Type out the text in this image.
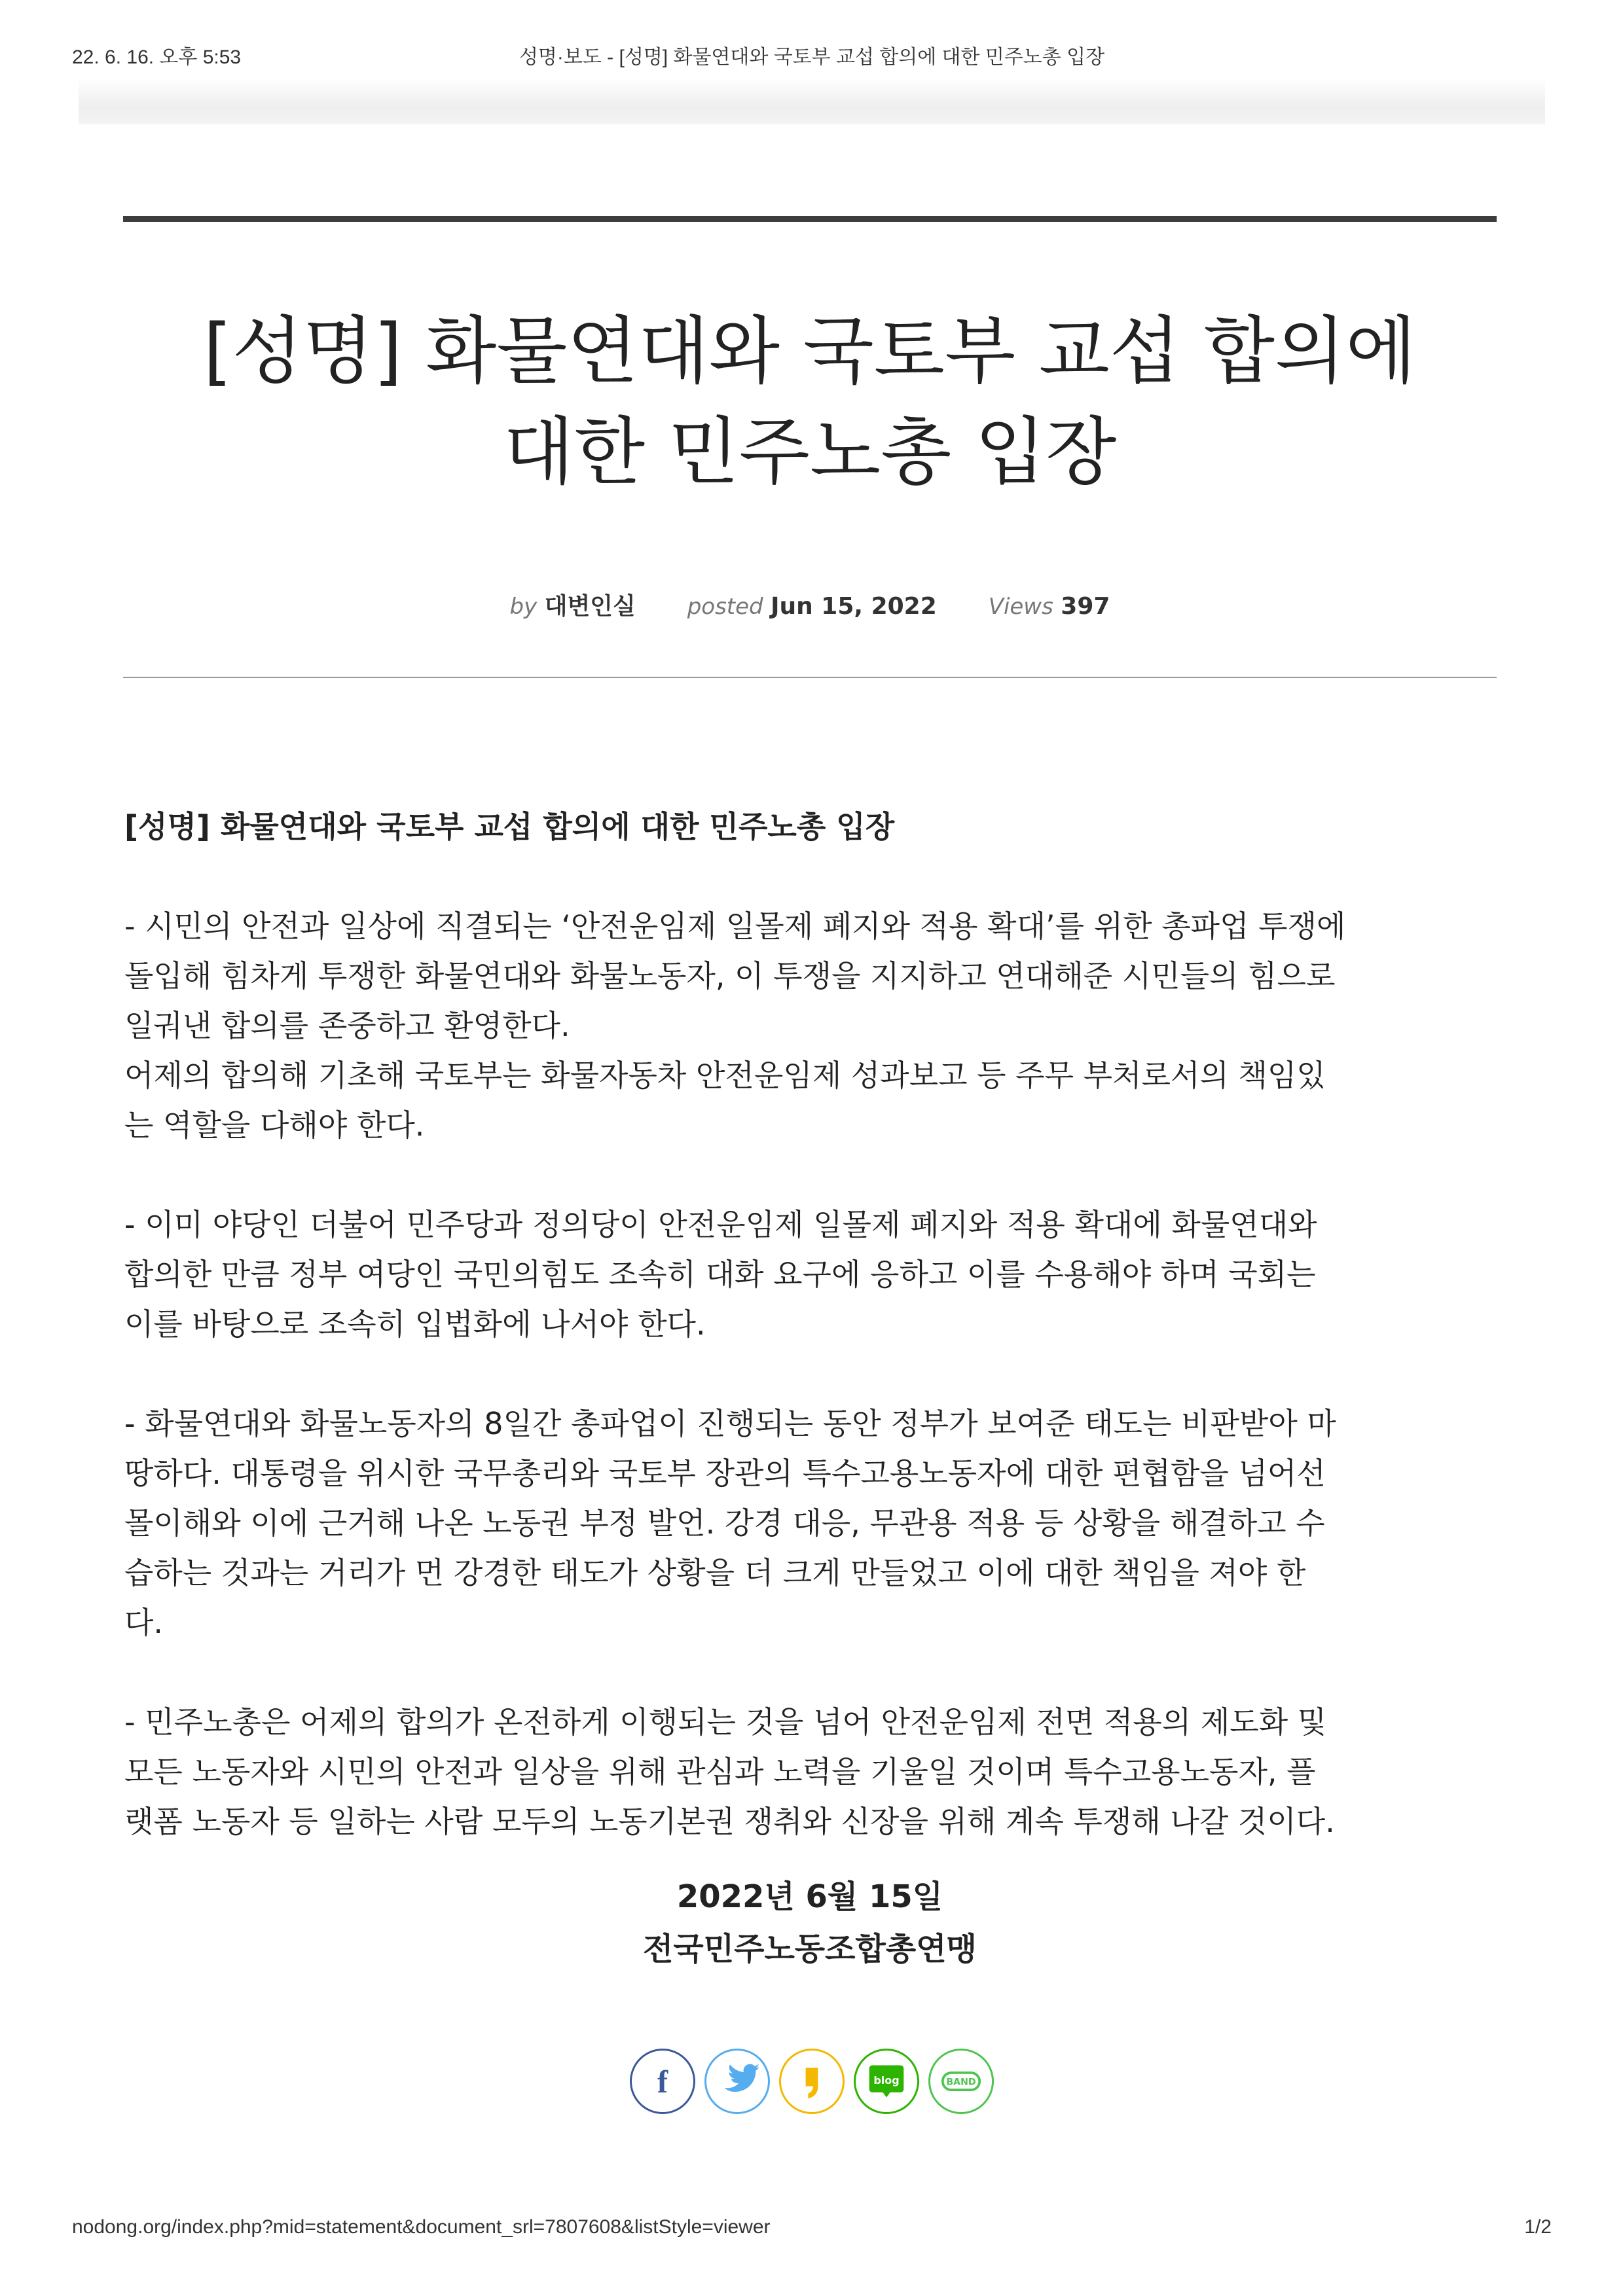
22. 6. 16. 오후 5:53	성명·보도 - [성명] 화물연대와 국토부 교섭 합의에 대한 민주노총 입장
[성명] 화물연대와 국토부 교섭 합의에
대한 민주노총 입장
by 대변인실 posted Jun 15, 2022 Views 397

[성명] 화물연대와 국토부 교섭 합의에 대한 민주노총 입장

- 시민의 안전과 일상에 직결되는 ‘안전운임제 일몰제 폐지와 적용 확대’를 위한 총파업 투쟁에

돌입해 힘차게 투쟁한 화물연대와 화물노동자, 이 투쟁을 지지하고 연대해준 시민들의 힘으로

일궈낸 합의를 존중하고 환영한다.

어제의 합의해 기초해 국토부는 화물자동차 안전운임제 성과보고 등 주무 부처로서의 책임있

는 역할을 다해야 한다.

- 이미 야당인 더불어 민주당과 정의당이 안전운임제 일몰제 폐지와 적용 확대에 화물연대와

합의한 만큼 정부 여당인 국민의힘도 조속히 대화 요구에 응하고 이를 수용해야 하며 국회는

이를 바탕으로 조속히 입법화에 나서야 한다.

- 화물연대와 화물노동자의 8일간 총파업이 진행되는 동안 정부가 보여준 태도는 비판받아 마

땅하다. 대통령을 위시한 국무총리와 국토부 장관의 특수고용노동자에 대한 편협함을 넘어선

몰이해와 이에 근거해 나온 노동권 부정 발언. 강경 대응, 무관용 적용 등 상황을 해결하고 수

습하는 것과는 거리가 먼 강경한 태도가 상황을 더 크게 만들었고 이에 대한 책임을 져야 한

다.

- 민주노총은 어제의 합의가 온전하게 이행되는 것을 넘어 안전운임제 전면 적용의 제도화 및

모든 노동자와 시민의 안전과 일상을 위해 관심과 노력을 기울일 것이며 특수고용노동자, 플

랫폼 노동자 등 일하는 사람 모두의 노동기본권 쟁취와 신장을 위해 계속 투쟁해 나갈 것이다.

2022년 6월 15일
전국민주노동조합총연맹
f

	blog
	BAND
nodong.org/index.php?mid=statement&document_srl=7807608&listStyle=viewer	1/2
